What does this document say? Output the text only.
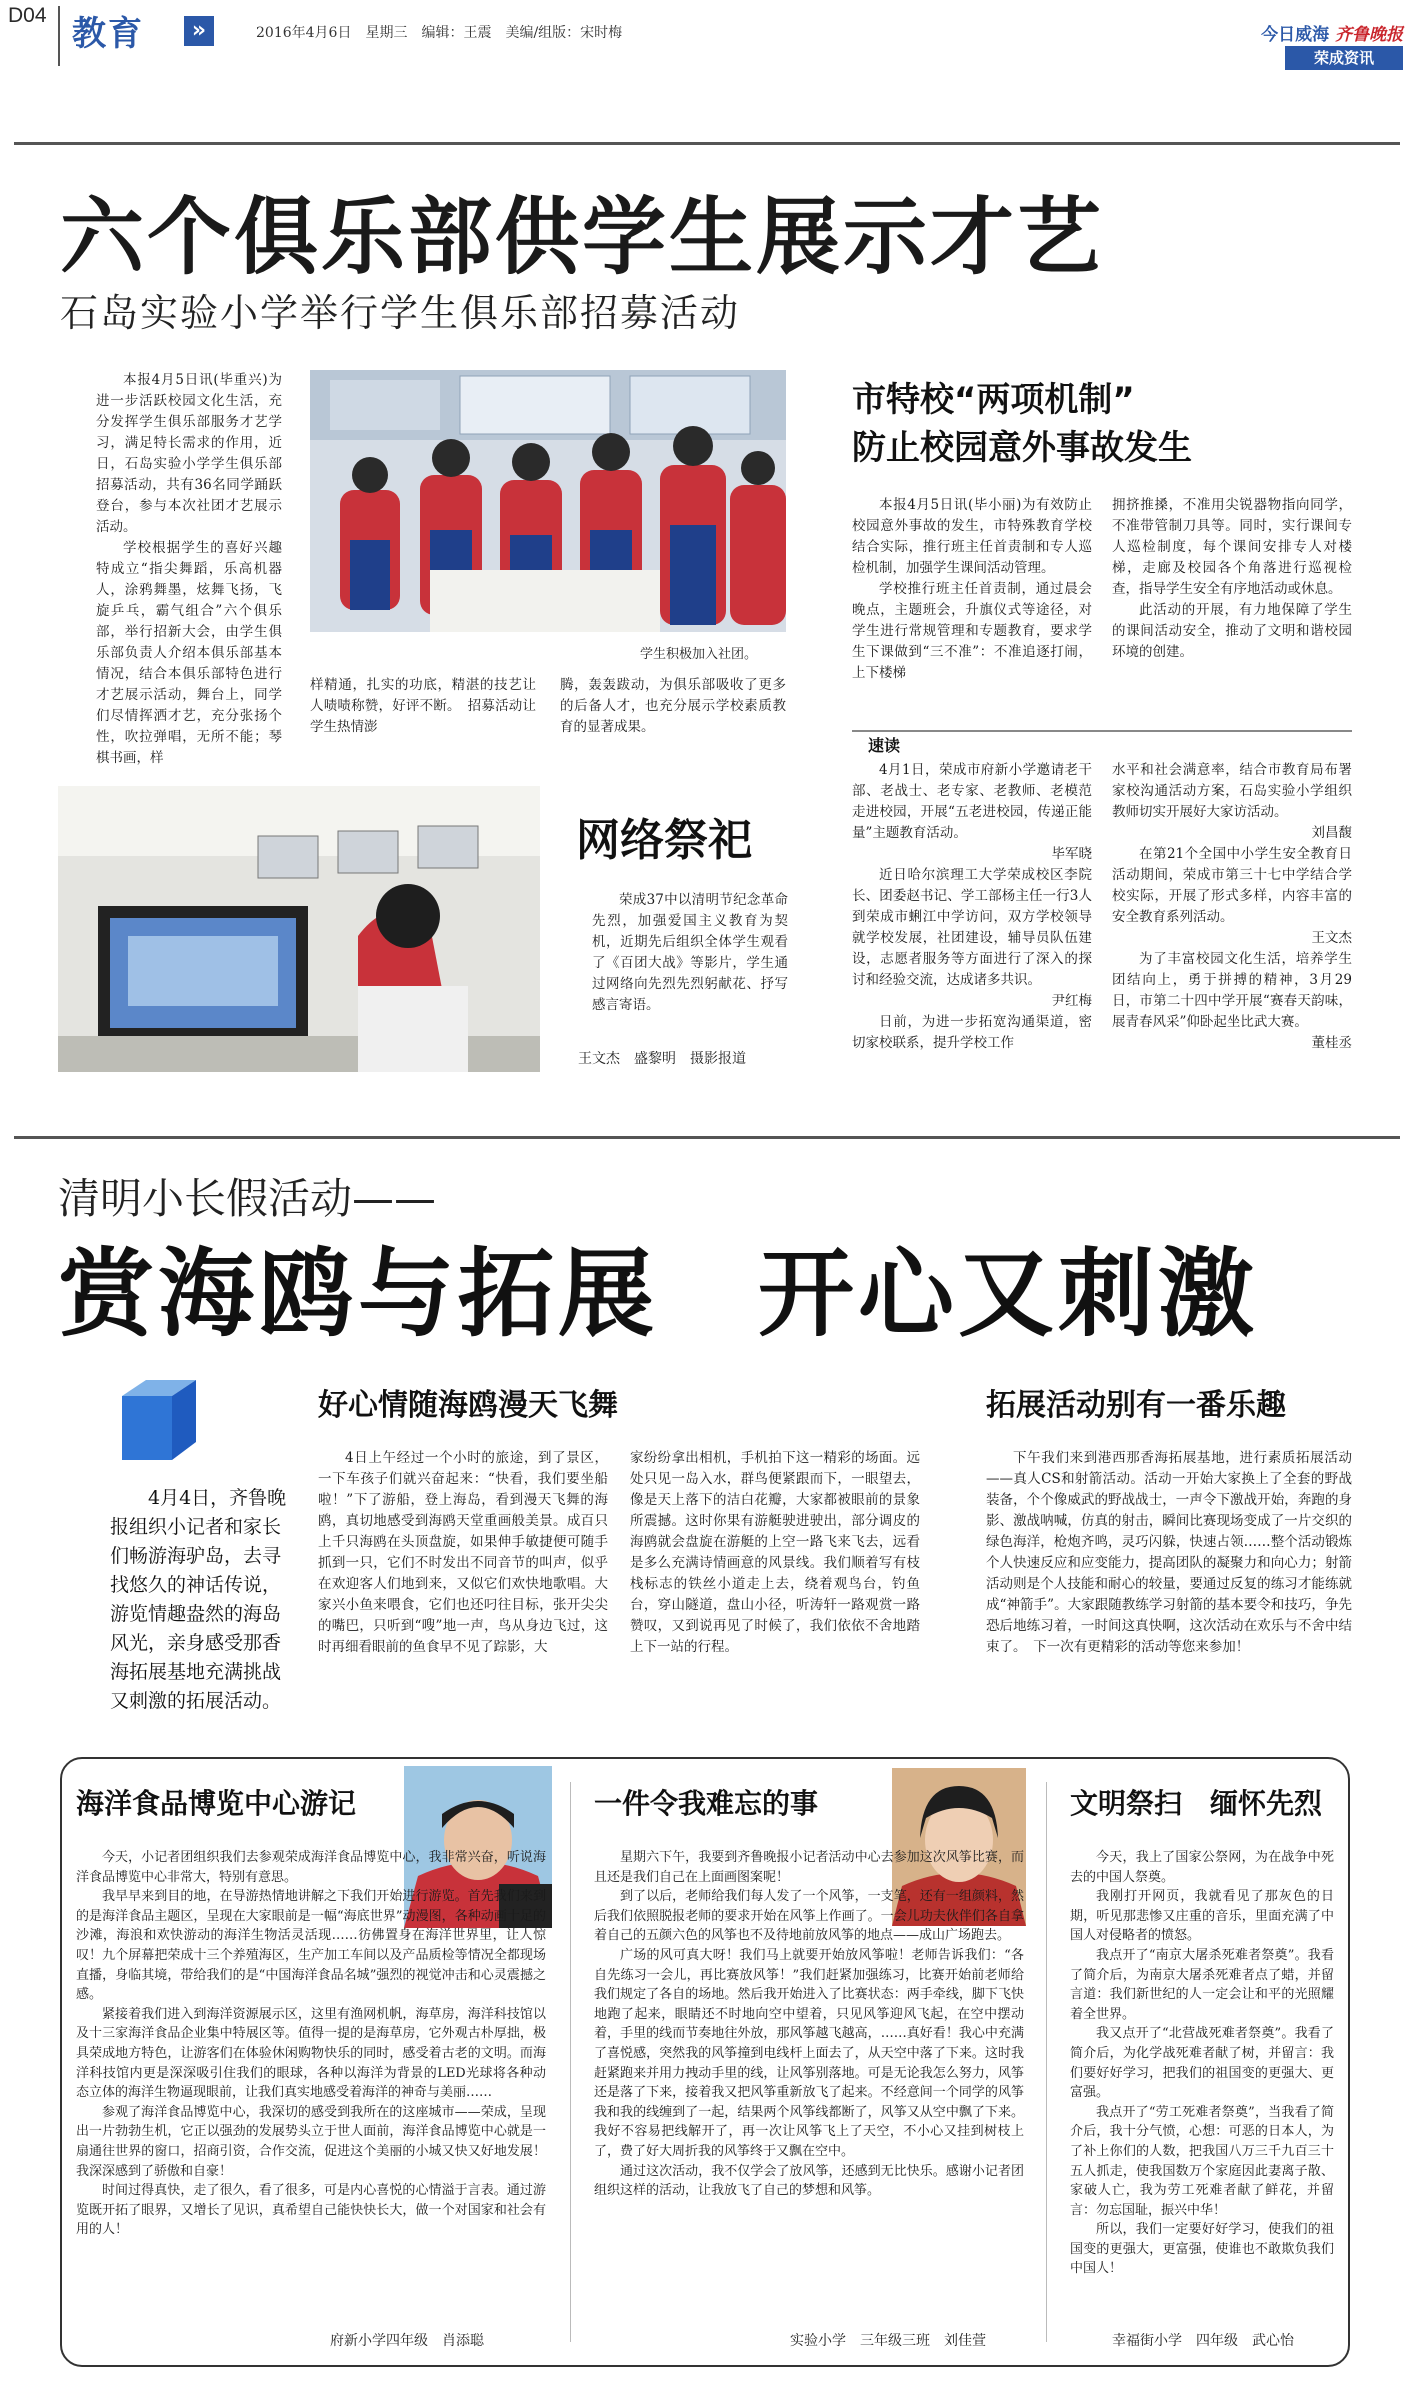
D04 教育	»	2016年4月6日　星期三　编辑：王震　美编/组版：宋时梅	今日威海 齐鲁晚报
荣成资讯
六个俱乐部供学生展示才艺
石岛实验小学举行学生俱乐部招募活动

本报4月5日讯(毕重兴)为进一步活跃校园文化生活，充分发挥学生俱乐部服务才艺学习，满足特长需求的作用，近日，石岛实验小学学生俱乐部招募活动，共有36名同学踊跃登台，参与本次社团才艺展示活动。

学校根据学生的喜好兴趣特成立“指尖舞蹈，乐高机器人，涂鸦舞墨，炫舞飞扬，飞旋乒乓，霸气组合”六个俱乐部，举行招新大会，由学生俱乐部负责人介绍本俱乐部基本情况，结合本俱乐部特色进行才艺展示活动，舞台上，同学们尽情挥洒才艺，充分张扬个性，吹拉弹唱，无所不能；琴棋书画，样

学生积极加入社团。

样精通，扎实的功底，精湛的技艺让人啧啧称赞，好评不断。　招募活动让学生热情澎

腾，轰轰跋动，为俱乐部吸收了更多的后备人才，也充分展示学校素质教育的显著成果。

市特校“两项机制”
防止校园意外事故发生

本报4月5日讯(毕小丽)为有效防止校园意外事故的发生，市特殊教育学校结合实际，推行班主任首责制和专人巡检机制，加强学生课间活动管理。

学校推行班主任首责制，通过晨会晚点，主题班会，升旗仪式等途径，对学生进行常规管理和专题教育，要求学生下课做到“三不准”：不准追逐打闹，上下楼梯

拥挤推搡，不准用尖锐器物指向同学，不准带管制刀具等。同时，实行课间专人巡检制度，每个课间安排专人对楼梯，走廊及校园各个角落进行巡视检查，指导学生安全有序地活动或休息。

此活动的开展，有力地保障了学生的课间活动安全，推动了文明和谐校园环境的创建。

网络祭祀

荣成37中以清明节纪念革命先烈，加强爱国主义教育为契机，近期先后组织全体学生观看了《百团大战》等影片，学生通过网络向先烈先烈躬献花、抒写感言寄语。

王文杰　盛黎明　摄影报道
速读

4月1日，荣成市府新小学邀请老干部、老战士、老专家、老教师、老模范走进校园，开展“五老进校园，传递正能量”主题教育活动。

毕军晓

近日哈尔滨理工大学荣成校区李院长、团委赵书记、学工部杨主任一行3人到荣成市蜊江中学访问，双方学校领导就学校发展，社团建设，辅导员队伍建设，志愿者服务等方面进行了深入的探讨和经验交流，达成诸多共识。

尹红梅

日前，为进一步拓宽沟通渠道，密切家校联系，提升学校工作

水平和社会满意率，结合市教育局布署家校沟通活动方案，石岛实验小学组织教师切实开展好大家访活动。

刘昌馥

在第21个全国中小学生安全教育日活动期间，荣成市第三十七中学结合学校实际，开展了形式多样，内容丰富的安全教育系列活动。

王文杰

为了丰富校园文化生活，培养学生团结向上，勇于拼搏的精神，3月29日，市第二十四中学开展“赛春天韵味，展青春风采”仰卧起坐比武大赛。

董桂丞

清明小长假活动——
赏海鸥与拓展　开心又刺激

4月4日，齐鲁晚报组织小记者和家长们畅游海驴岛，去寻找悠久的神话传说，游览情趣盎然的海岛风光，亲身感受那香海拓展基地充满挑战又刺激的拓展活动。

好心情随海鸥漫天飞舞

4日上午经过一个小时的旅途，到了景区，一下车孩子们就兴奋起来：“快看，我们要坐船啦！”下了游船，登上海岛，看到漫天飞舞的海鸥，真切地感受到海鸥天堂重画般美景。成百只上千只海鸥在头顶盘旋，如果伸手敏捷便可随手抓到一只，它们不时发出不同音节的叫声，似乎在欢迎客人们地到来，又似它们欢快地歌唱。大家兴小鱼来喂食，它们也还叼往目标，张开尖尖的嘴巴，只听到“嗖”地一声，鸟从身边飞过，这时再细看眼前的鱼食早不见了踪影，大

家纷纷拿出相机，手机拍下这一精彩的场面。远处只见一岛入水，群鸟便紧跟而下，一眼望去，像是天上落下的洁白花瓣，大家都被眼前的景象所震撼。这时你果有游艇驶进驶出，部分调皮的海鸥就会盘旋在游艇的上空一路飞来飞去，远看是多么充满诗情画意的风景线。我们顺着写有枝栈标志的铁丝小道走上去，绕着观鸟台，钓鱼台，穿山隧道，盘山小径，听涛轩一路观赏一路赞叹，又到说再见了时候了，我们依依不舍地踏上下一站的行程。

拓展活动别有一番乐趣

下午我们来到港西那香海拓展基地，进行素质拓展活动——真人CS和射箭活动。活动一开始大家换上了全套的野战装备，个个像威武的野战战士，一声令下激战开始，奔跑的身影、激战呐喊，仿真的射击，瞬间比赛现场变成了一片交织的绿色海洋，枪炮齐鸣，灵巧闪躲，快速占领……整个活动锻炼个人快速反应和应变能力，提高团队的凝聚力和向心力；射箭活动则是个人技能和耐心的较量，要通过反复的练习才能练就成“神箭手”。大家跟随教练学习射箭的基本要令和技巧，争先恐后地练习着，一时间这真快啊，这次活动在欢乐与不舍中结束了。　下一次有更精彩的活动等您来参加！

海洋食品博览中心游记

今天，小记者团组织我们去参观荣成海洋食品博览中心，我非常兴奋，听说海洋食品博览中心非常大，特别有意思。

我早早来到目的地，在导游热情地讲解之下我们开始进行游览。首先我们来到的是海洋食品主题区，呈现在大家眼前是一幅“海底世界”动漫图，各种动画十足的沙滩，海浪和欢快游动的海洋生物活灵活现……彷佛置身在海洋世界里，让人惊叹！九个屏幕把荣成十三个养殖海区，生产加工车间以及产品质检等情况全都现场直播，身临其境，带给我们的是“中国海洋食品名城”强烈的视觉冲击和心灵震撼之感。

紧接着我们进入到海洋资源展示区，这里有渔网机帆，海草房，海洋科技馆以及十三家海洋食品企业集中特展区等。值得一提的是海草房，它外观古朴厚拙，极具荣成地方特色，让游客们在体验休闲购物快乐的同时，感受着古老的文明。而海洋科技馆内更是深深吸引住我们的眼球，各种以海洋为背景的LED光球将各种动态立体的海洋生物逼现眼前，让我们真实地感受着海洋的神奇与美丽……

参观了海洋食品博览中心，我深切的感受到我所在的这座城市——荣成，呈现出一片勃勃生机，它正以强劲的发展势头立于世人面前，海洋食品博览中心就是一扇通往世界的窗口，招商引资，合作交流，促进这个美丽的小城又快又好地发展！我深深感到了骄傲和自豪！

时间过得真快，走了很久，看了很多，可是内心喜悦的心情溢于言表。通过游览既开拓了眼界，又增长了见识，真希望自己能快快长大，做一个对国家和社会有用的人！

府新小学四年级　肖添聪
一件令我难忘的事

星期六下午，我要到齐鲁晚报小记者活动中心去参加这次风筝比赛，而且还是我们自己在上面画图案呢！

到了以后，老师给我们每人发了一个风筝，一支笔，还有一组颜料，然后我们依照脱报老师的要求开始在风筝上作画了。一会儿功夫伙伴们各自拿着自己的五颜六色的风筝也不及待地前放风筝的地点——成山广场跑去。

广场的风可真大呀！我们马上就要开始放风筝啦！老师告诉我们：“各自先练习一会儿，再比赛放风筝！”我们赶紧加强练习，比赛开始前老师给我们规定了各自的场地。然后我开始进入了比赛状态：两手牵线，脚下飞快地跑了起来，眼睛还不时地向空中望着，只见风筝迎风飞起，在空中摆动着，手里的线而节奏地往外放，那风筝越飞越高，……真好看！我心中充满了喜悦感，突然我的风筝撞到电线杆上面去了，从天空中落了下来。这时我赶紧跑来并用力拽动手里的线，让风筝别落地。可是无论我怎么努力，风筝还是落了下来，接着我又把风筝重新放飞了起来。不经意间一个同学的风筝我和我的线缠到了一起，结果两个风筝线都断了，风筝又从空中飘了下来。我好不容易把线解开了，再一次让风筝飞上了天空，不小心又挂到树枝上了，费了好大周折我的风筝终于又飘在空中。

通过这次活动，我不仅学会了放风筝，还感到无比快乐。感谢小记者团组织这样的活动，让我放飞了自己的梦想和风筝。

实验小学　三年级三班　刘佳萱
文明祭扫　缅怀先烈

今天，我上了国家公祭网，为在战争中死去的中国人祭奠。

我刚打开网页，我就看见了那灰色的日期，听见那悲惨又庄重的音乐，里面充满了中国人对侵略者的愤怒。

我点开了“南京大屠杀死难者祭奠”。我看了简介后，为南京大屠杀死难者点了蜡，并留言道：我们新世纪的人一定会让和平的光照耀着全世界。

我又点开了“北营战死难者祭奠”。我看了简介后，为化学战死难者献了树，并留言：我们要好好学习，把我们的祖国变的更强大、更富强。

我点开了“劳工死难者祭奠”，当我看了简介后，我十分气愤，心想：可恶的日本人，为了补上你们的人数，把我国八万三千九百三十五人抓走，使我国数万个家庭因此妻离子散、家破人亡，我为劳工死难者献了鲜花，并留言：勿忘国耻，振兴中华！

所以，我们一定要好好学习，使我们的祖国变的更强大，更富强，使谁也不敢欺负我们中国人！

幸福街小学　四年级　武心怡
